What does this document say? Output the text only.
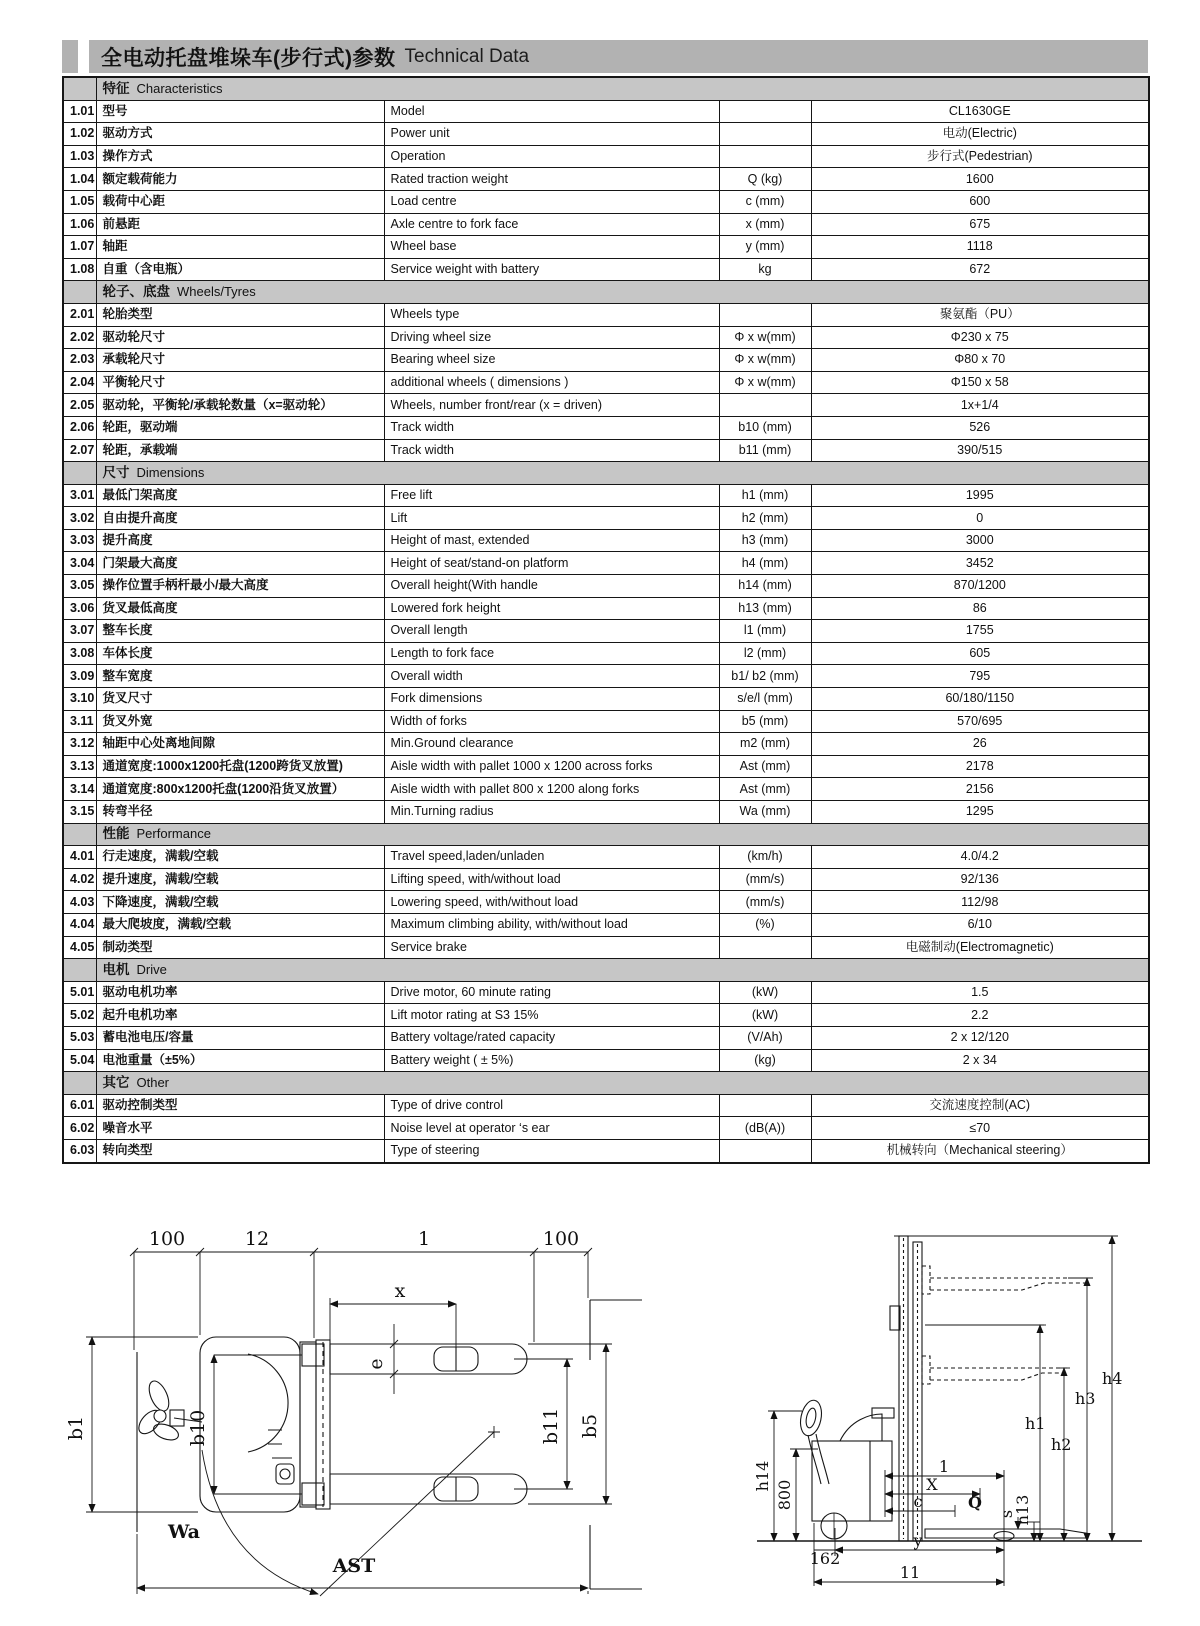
全电动托盘堆垛车(步行式)参数 Technical Data
	特征 Characteristics			
1.01	型号	Model		CL1630GE
1.02	驱动方式	Power unit		电动(Electric)
1.03	操作方式	Operation		步行式(Pedestrian)
1.04	额定载荷能力	Rated traction weight	Q (kg)	1600
1.05	载荷中心距	Load centre	c (mm)	600
1.06	前悬距	Axle centre to fork face	x (mm)	675
1.07	轴距	Wheel base	y (mm)	1118
1.08	自重（含电瓶）	Service weight with battery	kg	672
	轮子、底盘 Wheels/Tyres			
2.01	轮胎类型	Wheels type		聚氨酯（PU）
2.02	驱动轮尺寸	Driving wheel size	Φ x w(mm)	Φ230 x 75
2.03	承载轮尺寸	Bearing wheel size	Φ x w(mm)	Φ80 x 70
2.04	平衡轮尺寸	additional wheels ( dimensions )	Φ x w(mm)	Φ150 x 58
2.05	驱动轮，平衡轮/承载轮数量（x=驱动轮）	Wheels, number front/rear (x = driven)		1x+1/4
2.06	轮距，驱动端	Track width	b10 (mm)	526
2.07	轮距，承载端	Track width	b11 (mm)	390/515
	尺寸 Dimensions			
3.01	最低门架高度	Free lift	h1 (mm)	1995
3.02	自由提升高度	Lift	h2 (mm)	0
3.03	提升高度	Height of mast, extended	h3 (mm)	3000
3.04	门架最大高度	Height of seat/stand-on platform	h4 (mm)	3452
3.05	操作位置手柄杆最小/最大高度	Overall height(With handle	h14 (mm)	870/1200
3.06	货叉最低高度	Lowered fork height	h13 (mm)	86
3.07	整车长度	Overall length	l1 (mm)	1755
3.08	车体长度	Length to fork face	l2 (mm)	605
3.09	整车宽度	Overall width	b1/ b2 (mm)	795
3.10	货叉尺寸	Fork dimensions	s/e/l (mm)	60/180/1150
3.11	货叉外宽	Width of forks	b5 (mm)	570/695
3.12	轴距中心处离地间隙	Min.Ground clearance	m2 (mm)	26
3.13	通道宽度:1000x1200托盘(1200跨货叉放置)	Aisle width with pallet 1000 x 1200 across forks	Ast (mm)	2178
3.14	通道宽度:800x1200托盘(1200沿货叉放置）	Aisle width with pallet 800 x 1200 along forks	Ast (mm)	2156
3.15	转弯半径	Min.Turning radius	Wa (mm)	1295
	性能 Performance			
4.01	行走速度，满载/空载	Travel speed,laden/unladen	(km/h)	4.0/4.2
4.02	提升速度，满载/空载	Lifting speed, with/without load	(mm/s)	92/136
4.03	下降速度，满载/空载	Lowering speed, with/without load	(mm/s)	112/98
4.04	最大爬坡度，满载/空载	Maximum climbing ability, with/without load	(%)	6/10
4.05	制动类型	Service brake		电磁制动(Electromagnetic)
	电机 Drive			
5.01	驱动电机功率	Drive motor, 60 minute rating	(kW)	1.5
5.02	起升电机功率	Lift motor rating at S3 15%	(kW)	2.2
5.03	蓄电池电压/容量	Battery voltage/rated capacity	(V/Ah)	2 x 12/120
5.04	电池重量（±5%）	Battery weight ( ± 5%)	(kg)	2 x 34
	其它 Other			
6.01	驱动控制类型	Type of drive control		交流速度控制(AC)
6.02	噪音水平	Noise level at operator ‘s ear	(dB(A))	≤70
6.03	转向类型	Type of steering		机械转向（Mechanical steering）
100	12	1	100
x
e
b1	b10	b11 b5
Wa
AST
h4
h3
h1
h2
h14
800
1
X
c	Q
s
h13
162
y
11
